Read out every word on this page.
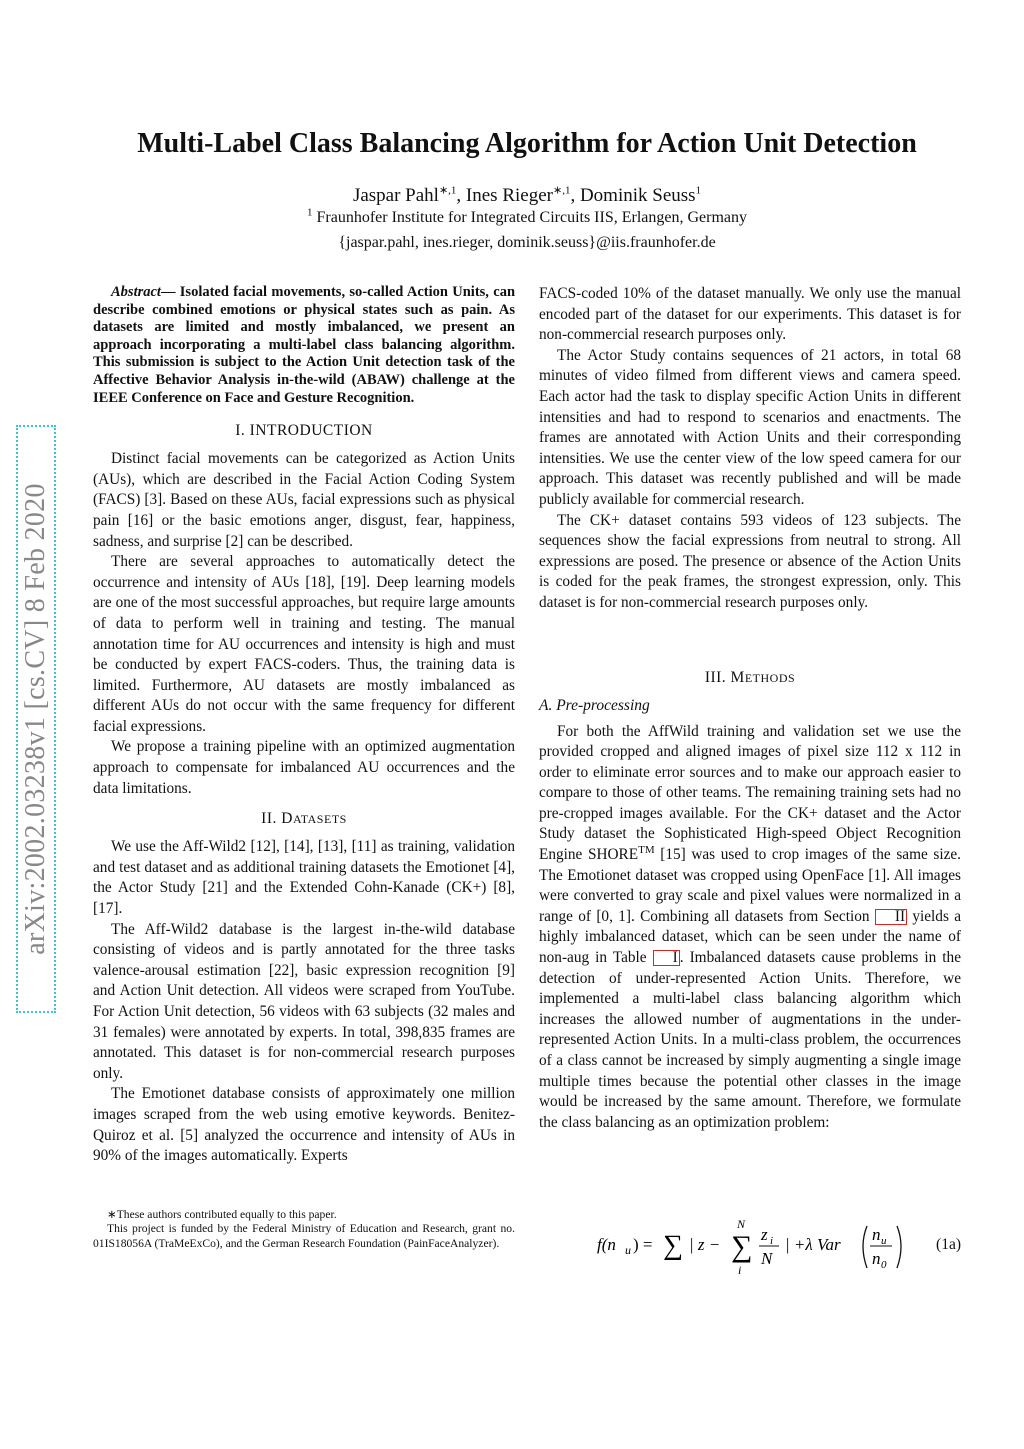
arXiv:2002.03238v1 [cs.CV] 8 Feb 2020
Multi-Label Class Balancing Algorithm for Action Unit Detection
Jaspar Pahl$^{∗,1}$, Ines Rieger$^{∗,1}$, Dominik Seuss$^1$
$^1$ Fraunhofer Institute for Integrated Circuits IIS, Erlangen, Germany
{jaspar.pahl, ines.rieger, dominik.seuss}@iis.fraunhofer.de
Abstract— Isolated facial movements, so-called Action Units, can describe combined emotions or physical states such as pain. As datasets are limited and mostly imbalanced, we present an approach incorporating a multi-label class balancing algorithm. This submission is subject to the Action Unit detection task of the Affective Behavior Analysis in-the-wild (ABAW) challenge at the IEEE Conference on Face and Gesture Recognition.
I. INTRODUCTION

Distinct facial movements can be categorized as Action Units (AUs), which are described in the Facial Action Coding System (FACS) [3]. Based on these AUs, facial expressions such as physical pain [16] or the basic emotions anger, disgust, fear, happiness, sadness, and surprise [2] can be described.

There are several approaches to automatically detect the occurrence and intensity of AUs [18], [19]. Deep learning models are one of the most successful approaches, but require large amounts of data to perform well in training and testing. The manual annotation time for AU occurrences and intensity is high and must be conducted by expert FACS-coders. Thus, the training data is limited. Furthermore, AU datasets are mostly imbalanced as different AUs do not occur with the same frequency for different facial expressions.

We propose a training pipeline with an optimized augmentation approach to compensate for imbalanced AU occurrences and the data limitations.

II. DATASETS

We use the Aff-Wild2 [12], [14], [13], [11] as training, validation and test dataset and as additional training datasets the Emotionet [4], the Actor Study [21] and the Extended Cohn-Kanade (CK+) [8], [17].

The Aff-Wild2 database is the largest in-the-wild database consisting of videos and is partly annotated for the three tasks valence-arousal estimation [22], basic expression recognition [9] and Action Unit detection. All videos were scraped from YouTube. For Action Unit detection, 56 videos with 63 subjects (32 males and 31 females) were annotated by experts. In total, 398,835 frames are annotated. This dataset is for non-commercial research purposes only.

The Emotionet database consists of approximately one million images scraped from the web using emotive keywords. Benitez-Quiroz et al. [5] analyzed the occurrence and intensity of AUs in 90% of the images automatically. Experts

∗These authors contributed equally to this paper.
This project is funded by the Federal Ministry of Education and Research, grant no. 01IS18056A (TraMeExCo), and the German Research Foundation (PainFaceAnalyzer).

FACS-coded 10% of the dataset manually. We only use the manual encoded part of the dataset for our experiments. This dataset is for non-commercial research purposes only.

The Actor Study contains sequences of 21 actors, in total 68 minutes of video filmed from different views and camera speed. Each actor had the task to display specific Action Units in different intensities and had to respond to scenarios and enactments. The frames are annotated with Action Units and their corresponding intensities. We use the center view of the low speed camera for our approach. This dataset was recently published and will be made publicly available for commercial research.

The CK+ dataset contains 593 videos of 123 subjects. The sequences show the facial expressions from neutral to strong. All expressions are posed. The presence or absence of the Action Units is coded for the peak frames, the strongest expression, only. This dataset is for non-commercial research purposes only.

III. METHODS
A. Pre-processing

For both the AffWild training and validation set we use the provided cropped and aligned images of pixel size 112 x 112 in order to eliminate error sources and to make our approach easier to compare to those of other teams. The remaining training sets had no pre-cropped images available. For the CK+ dataset and the Actor Study dataset the Sophisticated High-speed Object Recognition Engine SHORE™ [15] was used to crop images of the same size. The Emotionet dataset was cropped using OpenFace [1]. All images were converted to gray scale and pixel values were normalized in a range of [0, 1]. Combining all datasets from Section II yields a highly imbalanced dataset, which can be seen under the name of non-aug in Table I . Imbalanced datasets cause problems in the detection of under-represented Action Units. Therefore, we implemented a multi-label class balancing algorithm which increases the allowed number of augmentations in the under-represented Action Units. In a multi-class problem, the occurrences of a class cannot be increased by simply augmenting a single image multiple times because the potential other classes in the image would be increased by the same amount. Therefore, we formulate the class balancing as an optimization problem:

f(n u ) = ∑ | z −
N
∑
i
z i
N
| +λ Var
n u
n 0
(1a)
